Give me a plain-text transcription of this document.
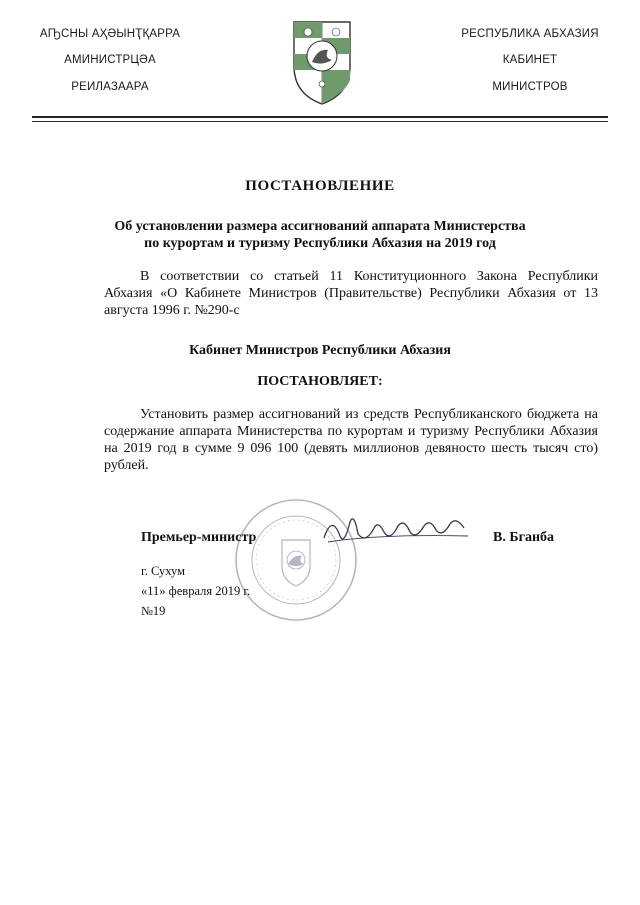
АҦСНЫ АҲӘЫНҬҚАРРА
АМИНИСТРЦӘА
РЕИЛАЗААРА
РЕСПУБЛИКА АБХАЗИЯ
КАБИНЕТ
МИНИСТРОВ
ПОСТАНОВЛЕНИЕ
Об установлении размера ассигнований аппарата Министерства
по курортам и туризму Республики Абхазия на 2019 год
В соответствии со статьей 11 Конституционного Закона Республики Абхазия «О Кабинете Министров (Правительстве) Республики Абхазия от 13 августа 1996 г. №290-с
Кабинет Министров Республики Абхазия
ПОСТАНОВЛЯЕТ:
Установить размер ассигнований из средств Республиканского бюджета на содержание аппарата Министерства по курортам и туризму Республики Абхазия на 2019 год в сумме 9 096 100 (девять миллионов девяносто шесть тысяч сто) рублей.
Премьер-министр	В. Бганба
г. Сухум
«11» февраля 2019 г.
№19
